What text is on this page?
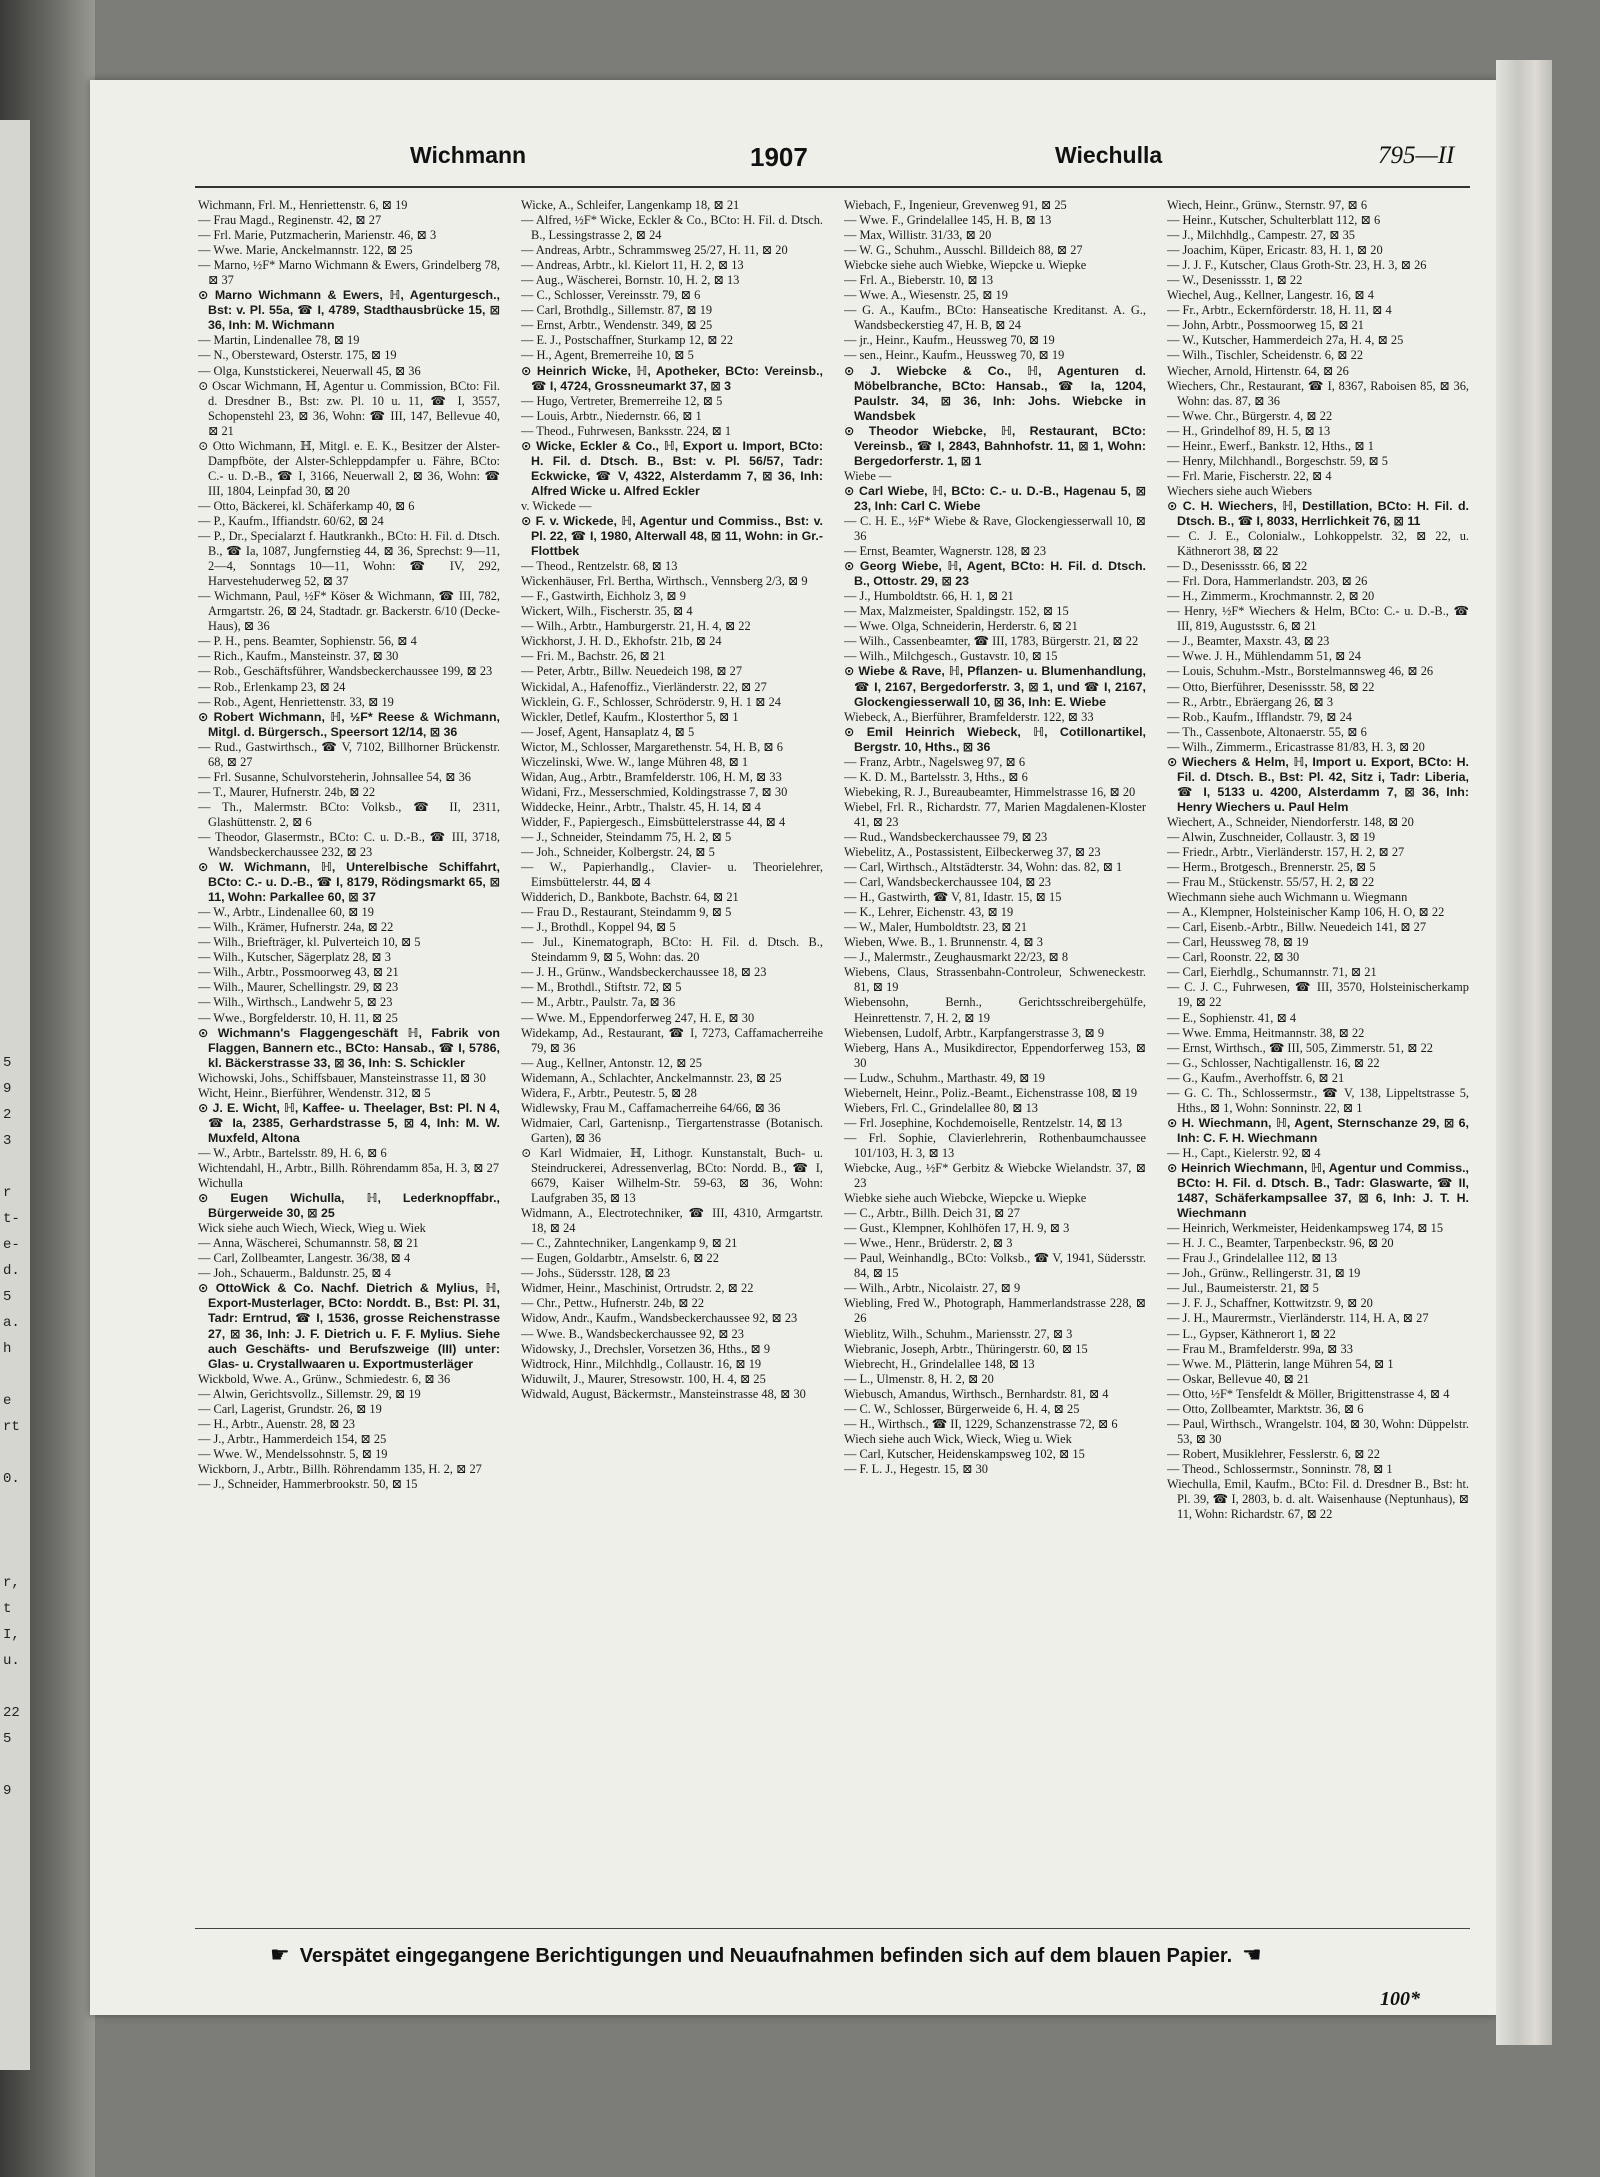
5
9
2
3
r
t-
e-
d.
5
a.
h
e
rt
0.
r,
t
I,
u.
22
5
9
Wichmann	1907	Wiechulla	795—II

Wichmann, Frl. M., Henriettenstr. 6, ⊠ 19

— Frau Magd., Reginenstr. 42, ⊠ 27

— Frl. Marie, Putzmacherin, Marienstr. 46, ⊠ 3

— Wwe. Marie, Anckelmannstr. 122, ⊠ 25

— Marno, ½F* Marno Wichmann & Ewers, Grindelberg 78, ⊠ 37

⊙ Marno Wichmann & Ewers, ℍ, Agenturgesch., Bst: v. Pl. 55a, ☎ I, 4789, Stadthausbrücke 15, ⊠ 36, Inh: M. Wichmann

— Martin, Lindenallee 78, ⊠ 19

— N., Obersteward, Osterstr. 175, ⊠ 19

— Olga, Kunststickerei, Neuerwall 45, ⊠ 36

⊙ Oscar Wichmann, ℍ, Agentur u. Commission, BCto: Fil. d. Dresdner B., Bst: zw. Pl. 10 u. 11, ☎ I, 3557, Schopenstehl 23, ⊠ 36, Wohn: ☎ III, 147, Bellevue 40, ⊠ 21

⊙ Otto Wichmann, ℍ, Mitgl. e. E. K., Besitzer der Alster-Dampfböte, der Alster-Schleppdampfer u. Fähre, BCto: C.- u. D.-B., ☎ I, 3166, Neuerwall 2, ⊠ 36, Wohn: ☎ III, 1804, Leinpfad 30, ⊠ 20

— Otto, Bäckerei, kl. Schäferkamp 40, ⊠ 6

— P., Kaufm., Iffiandstr. 60/62, ⊠ 24

— P., Dr., Specialarzt f. Hautkrankh., BCto: H. Fil. d. Dtsch. B., ☎ Ia, 1087, Jungfernstieg 44, ⊠ 36, Sprechst: 9—11, 2—4, Sonntags 10—11, Wohn: ☎ IV, 292, Harvestehuderweg 52, ⊠ 37

— Wichmann, Paul, ½F* Köser & Wichmann, ☎ III, 782, Armgartstr. 26, ⊠ 24, Stadtadr. gr. Backerstr. 6/10 (Decke-Haus), ⊠ 36

— P. H., pens. Beamter, Sophienstr. 56, ⊠ 4

— Rich., Kaufm., Mansteinstr. 37, ⊠ 30

— Rob., Geschäftsführer, Wandsbeckerchaussee 199, ⊠ 23

— Rob., Erlenkamp 23, ⊠ 24

— Rob., Agent, Henriettenstr. 33, ⊠ 19

⊙ Robert Wichmann, ℍ, ½F* Reese & Wichmann, Mitgl. d. Bürgersch., Speersort 12/14, ⊠ 36

— Rud., Gastwirthsch., ☎ V, 7102, Billhorner Brückenstr. 68, ⊠ 27

— Frl. Susanne, Schulvorsteherin, Johnsallee 54, ⊠ 36

— T., Maurer, Hufnerstr. 24b, ⊠ 22

— Th., Malermstr. BCto: Volksb., ☎ II, 2311, Glashüttenstr. 2, ⊠ 6

— Theodor, Glasermstr., BCto: C. u. D.-B., ☎ III, 3718, Wandsbeckerchaussee 232, ⊠ 23

⊙ W. Wichmann, ℍ, Unterelbische Schiffahrt, BCto: C.- u. D.-B., ☎ I, 8179, Rödingsmarkt 65, ⊠ 11, Wohn: Parkallee 60, ⊠ 37

— W., Arbtr., Lindenallee 60, ⊠ 19

— Wilh., Krämer, Hufnerstr. 24a, ⊠ 22

— Wilh., Briefträger, kl. Pulverteich 10, ⊠ 5

— Wilh., Kutscher, Sägerplatz 28, ⊠ 3

— Wilh., Arbtr., Possmoorweg 43, ⊠ 21

— Wilh., Maurer, Schellingstr. 29, ⊠ 23

— Wilh., Wirthsch., Landwehr 5, ⊠ 23

— Wwe., Borgfelderstr. 10, H. 11, ⊠ 25

⊙ Wichmann's Flaggengeschäft ℍ, Fabrik von Flaggen, Bannern etc., BCto: Hansab., ☎ I, 5786, kl. Bäckerstrasse 33, ⊠ 36, Inh: S. Schickler

Wichowski, Johs., Schiffsbauer, Mansteinstrasse 11, ⊠ 30

Wicht, Heinr., Bierführer, Wendenstr. 312, ⊠ 5

⊙ J. E. Wicht, ℍ, Kaffee- u. Theelager, Bst: Pl. N 4, ☎ Ia, 2385, Gerhardstrasse 5, ⊠ 4, Inh: M. W. Muxfeld, Altona

— W., Arbtr., Bartelsstr. 89, H. 6, ⊠ 6

Wichtendahl, H., Arbtr., Billh. Röhrendamm 85a, H. 3, ⊠ 27

Wichulla

⊙ Eugen Wichulla, ℍ, Lederknopffabr., Bürgerweide 30, ⊠ 25

Wick siehe auch Wiech, Wieck, Wieg u. Wiek

— Anna, Wäscherei, Schumannstr. 58, ⊠ 21

— Carl, Zollbeamter, Langestr. 36/38, ⊠ 4

— Joh., Schauerm., Baldunstr. 25, ⊠ 4

⊙ OttoWick & Co. Nachf. Dietrich & Mylius, ℍ, Export-Musterlager, BCto: Norddt. B., Bst: Pl. 31, Tadr: Erntrud, ☎ I, 1536, grosse Reichenstrasse 27, ⊠ 36, Inh: J. F. Dietrich u. F. F. Mylius. Siehe auch Geschäfts- und Berufszweige (III) unter: Glas- u. Crystallwaaren u. Exportmusterläger

Wickbold, Wwe. A., Grünw., Schmiedestr. 6, ⊠ 36

— Alwin, Gerichtsvollz., Sillemstr. 29, ⊠ 19

— Carl, Lagerist, Grundstr. 26, ⊠ 19

— H., Arbtr., Auenstr. 28, ⊠ 23

— J., Arbtr., Hammerdeich 154, ⊠ 25

— Wwe. W., Mendelssohnstr. 5, ⊠ 19

Wickborn, J., Arbtr., Billh. Röhrendamm 135, H. 2, ⊠ 27

— J., Schneider, Hammerbrookstr. 50, ⊠ 15

Wicke, A., Schleifer, Langenkamp 18, ⊠ 21

— Alfred, ½F* Wicke, Eckler & Co., BCto: H. Fil. d. Dtsch. B., Lessingstrasse 2, ⊠ 24

— Andreas, Arbtr., Schrammsweg 25/27, H. 11, ⊠ 20

— Andreas, Arbtr., kl. Kielort 11, H. 2, ⊠ 13

— Aug., Wäscherei, Bornstr. 10, H. 2, ⊠ 13

— C., Schlosser, Vereinsstr. 79, ⊠ 6

— Carl, Brothdlg., Sillemstr. 87, ⊠ 19

— Ernst, Arbtr., Wendenstr. 349, ⊠ 25

— E. J., Postschaffner, Sturkamp 12, ⊠ 22

— H., Agent, Bremerreihe 10, ⊠ 5

⊙ Heinrich Wicke, ℍ, Apotheker, BCto: Vereinsb., ☎ I, 4724, Grossneumarkt 37, ⊠ 3

— Hugo, Vertreter, Bremerreihe 12, ⊠ 5

— Louis, Arbtr., Niedernstr. 66, ⊠ 1

— Theod., Fuhrwesen, Banksstr. 224, ⊠ 1

⊙ Wicke, Eckler & Co., ℍ, Export u. Import, BCto: H. Fil. d. Dtsch. B., Bst: v. Pl. 56/57, Tadr: Eckwicke, ☎ V, 4322, Alsterdamm 7, ⊠ 36, Inh: Alfred Wicke u. Alfred Eckler

v. Wickede —

⊙ F. v. Wickede, ℍ, Agentur und Commiss., Bst: v. Pl. 22, ☎ I, 1980, Alterwall 48, ⊠ 11, Wohn: in Gr.-Flottbek

— Theod., Rentzelstr. 68, ⊠ 13

Wickenhäuser, Frl. Bertha, Wirthsch., Vennsberg 2/3, ⊠ 9

— F., Gastwirth, Eichholz 3, ⊠ 9

Wickert, Wilh., Fischerstr. 35, ⊠ 4

— Wilh., Arbtr., Hamburgerstr. 21, H. 4, ⊠ 22

Wickhorst, J. H. D., Ekhofstr. 21b, ⊠ 24

— Fri. M., Bachstr. 26, ⊠ 21

— Peter, Arbtr., Billw. Neuedeich 198, ⊠ 27

Wickidal, A., Hafenoffiz., Vierländerstr. 22, ⊠ 27

Wicklein, G. F., Schlosser, Schröderstr. 9, H. 1 ⊠ 24

Wickler, Detlef, Kaufm., Klosterthor 5, ⊠ 1

— Josef, Agent, Hansaplatz 4, ⊠ 5

Wictor, M., Schlosser, Margarethenstr. 54, H. B, ⊠ 6

Wiczelinski, Wwe. W., lange Mühren 48, ⊠ 1

Widan, Aug., Arbtr., Bramfelderstr. 106, H. M, ⊠ 33

Widani, Frz., Messerschmied, Koldingstrasse 7, ⊠ 30

Widdecke, Heinr., Arbtr., Thalstr. 45, H. 14, ⊠ 4

Widder, F., Papiergesch., Eimsbüttelerstrasse 44, ⊠ 4

— J., Schneider, Steindamm 75, H. 2, ⊠ 5

— Joh., Schneider, Kolbergstr. 24, ⊠ 5

— W., Papierhandlg., Clavier- u. Theorielehrer, Eimsbüttelerstr. 44, ⊠ 4

Widderich, D., Bankbote, Bachstr. 64, ⊠ 21

— Frau D., Restaurant, Steindamm 9, ⊠ 5

— J., Brothdl., Koppel 94, ⊠ 5

— Jul., Kinematograph, BCto: H. Fil. d. Dtsch. B., Steindamm 9, ⊠ 5, Wohn: das. 20

— J. H., Grünw., Wandsbeckerchaussee 18, ⊠ 23

— M., Brothdl., Stiftstr. 72, ⊠ 5

— M., Arbtr., Paulstr. 7a, ⊠ 36

— Wwe. M., Eppendorferweg 247, H. E, ⊠ 30

Widekamp, Ad., Restaurant, ☎ I, 7273, Caffamacherreihe 79, ⊠ 36

— Aug., Kellner, Antonstr. 12, ⊠ 25

Widemann, A., Schlachter, Anckelmannstr. 23, ⊠ 25

Widera, F., Arbtr., Peutestr. 5, ⊠ 28

Widlewsky, Frau M., Caffamacherreihe 64/66, ⊠ 36

Widmaier, Carl, Gartenisnp., Tiergartenstrasse (Botanisch. Garten), ⊠ 36

⊙ Karl Widmaier, ℍ, Lithogr. Kunstanstalt, Buch- u. Steindruckerei, Adressenverlag, BCto: Nordd. B., ☎ I, 6679, Kaiser Wilhelm-Str. 59-63, ⊠ 36, Wohn: Laufgraben 35, ⊠ 13

Widmann, A., Electrotechniker, ☎ III, 4310, Armgartstr. 18, ⊠ 24

— C., Zahntechniker, Langenkamp 9, ⊠ 21

— Eugen, Goldarbtr., Amselstr. 6, ⊠ 22

— Johs., Südersstr. 128, ⊠ 23

Widmer, Heinr., Maschinist, Ortrudstr. 2, ⊠ 22

— Chr., Pettw., Hufnerstr. 24b, ⊠ 22

Widow, Andr., Kaufm., Wandsbeckerchaussee 92, ⊠ 23

— Wwe. B., Wandsbeckerchaussee 92, ⊠ 23

Widowsky, J., Drechsler, Vorsetzen 36, Hths., ⊠ 9

Widtrock, Hinr., Milchhdlg., Collaustr. 16, ⊠ 19

Widuwilt, J., Maurer, Stresowstr. 100, H. 4, ⊠ 25

Widwald, August, Bäckermstr., Mansteinstrasse 48, ⊠ 30

Wiebach, F., Ingenieur, Grevenweg 91, ⊠ 25

— Wwe. F., Grindelallee 145, H. B, ⊠ 13

— Max, Willistr. 31/33, ⊠ 20

— W. G., Schuhm., Ausschl. Billdeich 88, ⊠ 27

Wiebcke siehe auch Wiebke, Wiepcke u. Wiepke

— Frl. A., Bieberstr. 10, ⊠ 13

— Wwe. A., Wiesenstr. 25, ⊠ 19

— G. A., Kaufm., BCto: Hanseatische Kreditanst. A. G., Wandsbeckerstieg 47, H. B, ⊠ 24

— jr., Heinr., Kaufm., Heussweg 70, ⊠ 19

— sen., Heinr., Kaufm., Heussweg 70, ⊠ 19

⊙ J. Wiebcke & Co., ℍ, Agenturen d. Möbelbranche, BCto: Hansab., ☎ Ia, 1204, Paulstr. 34, ⊠ 36, Inh: Johs. Wiebcke in Wandsbek

⊙ Theodor Wiebcke, ℍ, Restaurant, BCto: Vereinsb., ☎ I, 2843, Bahnhofstr. 11, ⊠ 1, Wohn: Bergedorferstr. 1, ⊠ 1

Wiebe —

⊙ Carl Wiebe, ℍ, BCto: C.- u. D.-B., Hagenau 5, ⊠ 23, Inh: Carl C. Wiebe

— C. H. E., ½F* Wiebe & Rave, Glockengiesserwall 10, ⊠ 36

— Ernst, Beamter, Wagnerstr. 128, ⊠ 23

⊙ Georg Wiebe, ℍ, Agent, BCto: H. Fil. d. Dtsch. B., Ottostr. 29, ⊠ 23

— J., Humboldtstr. 66, H. 1, ⊠ 21

— Max, Malzmeister, Spaldingstr. 152, ⊠ 15

— Wwe. Olga, Schneiderin, Herderstr. 6, ⊠ 21

— Wilh., Cassenbeamter, ☎ III, 1783, Bürgerstr. 21, ⊠ 22

— Wilh., Milchgesch., Gustavstr. 10, ⊠ 15

⊙ Wiebe & Rave, ℍ, Pflanzen- u. Blumenhandlung, ☎ I, 2167, Bergedorferstr. 3, ⊠ 1, und ☎ I, 2167, Glockengiesserwall 10, ⊠ 36, Inh: E. Wiebe

Wiebeck, A., Bierführer, Bramfelderstr. 122, ⊠ 33

⊙ Emil Heinrich Wiebeck, ℍ, Cotillonartikel, Bergstr. 10, Hths., ⊠ 36

— Franz, Arbtr., Nagelsweg 97, ⊠ 6

— K. D. M., Bartelsstr. 3, Hths., ⊠ 6

Wiebeking, R. J., Bureaubeamter, Himmelstrasse 16, ⊠ 20

Wiebel, Frl. R., Richardstr. 77, Marien Magdalenen-Kloster 41, ⊠ 23

— Rud., Wandsbeckerchaussee 79, ⊠ 23

Wiebelitz, A., Postassistent, Eilbeckerweg 37, ⊠ 23

— Carl, Wirthsch., Altstädterstr. 34, Wohn: das. 82, ⊠ 1

— Carl, Wandsbeckerchaussee 104, ⊠ 23

— H., Gastwirth, ☎ V, 81, Idastr. 15, ⊠ 15

— K., Lehrer, Eichenstr. 43, ⊠ 19

— W., Maler, Humboldtstr. 23, ⊠ 21

Wieben, Wwe. B., 1. Brunnenstr. 4, ⊠ 3

— J., Malermstr., Zeughausmarkt 22/23, ⊠ 8

Wiebens, Claus, Strassenbahn-Controleur, Schweneckestr. 81, ⊠ 19

Wiebensohn, Bernh., Gerichtsschreibergehülfe, Heinrettenstr. 7, H. 2, ⊠ 19

Wiebensen, Ludolf, Arbtr., Karpfangerstrasse 3, ⊠ 9

Wieberg, Hans A., Musikdirector, Eppendorferweg 153, ⊠ 30

— Ludw., Schuhm., Marthastr. 49, ⊠ 19

Wiebernelt, Heinr., Poliz.-Beamt., Eichenstrasse 108, ⊠ 19

Wiebers, Frl. C., Grindelallee 80, ⊠ 13

— Frl. Josephine, Kochdemoiselle, Rentzelstr. 14, ⊠ 13

— Frl. Sophie, Clavierlehrerin, Rothenbaumchaussee 101/103, H. 3, ⊠ 13

Wiebcke, Aug., ½F* Gerbitz & Wiebcke Wielandstr. 37, ⊠ 23

Wiebke siehe auch Wiebcke, Wiepcke u. Wiepke

— C., Arbtr., Billh. Deich 31, ⊠ 27

— Gust., Klempner, Kohlhöfen 17, H. 9, ⊠ 3

— Wwe., Henr., Brüderstr. 2, ⊠ 3

— Paul, Weinhandlg., BCto: Volksb., ☎ V, 1941, Südersstr. 84, ⊠ 15

— Wilh., Arbtr., Nicolaistr. 27, ⊠ 9

Wiebling, Fred W., Photograph, Hammerlandstrasse 228, ⊠ 26

Wieblitz, Wilh., Schuhm., Mariensstr. 27, ⊠ 3

Wiebranic, Joseph, Arbtr., Thüringerstr. 60, ⊠ 15

Wiebrecht, H., Grindelallee 148, ⊠ 13

— L., Ulmenstr. 8, H. 2, ⊠ 20

Wiebusch, Amandus, Wirthsch., Bernhardstr. 81, ⊠ 4

— C. W., Schlosser, Bürgerweide 6, H. 4, ⊠ 25

— H., Wirthsch., ☎ II, 1229, Schanzenstrasse 72, ⊠ 6

Wiech siehe auch Wick, Wieck, Wieg u. Wiek

— Carl, Kutscher, Heidenskampsweg 102, ⊠ 15

— F. L. J., Hegestr. 15, ⊠ 30

Wiech, Heinr., Grünw., Sternstr. 97, ⊠ 6

— Heinr., Kutscher, Schulterblatt 112, ⊠ 6

— J., Milchhdlg., Campestr. 27, ⊠ 35

— Joachim, Küper, Ericastr. 83, H. 1, ⊠ 20

— J. J. F., Kutscher, Claus Groth-Str. 23, H. 3, ⊠ 26

— W., Desenissstr. 1, ⊠ 22

Wiechel, Aug., Kellner, Langestr. 16, ⊠ 4

— Fr., Arbtr., Eckernförderstr. 18, H. 11, ⊠ 4

— John, Arbtr., Possmoorweg 15, ⊠ 21

— W., Kutscher, Hammerdeich 27a, H. 4, ⊠ 25

— Wilh., Tischler, Scheidenstr. 6, ⊠ 22

Wiecher, Arnold, Hirtenstr. 64, ⊠ 26

Wiechers, Chr., Restaurant, ☎ I, 8367, Raboisen 85, ⊠ 36, Wohn: das. 87, ⊠ 36

— Wwe. Chr., Bürgerstr. 4, ⊠ 22

— H., Grindelhof 89, H. 5, ⊠ 13

— Heinr., Ewerf., Bankstr. 12, Hths., ⊠ 1

— Henry, Milchhandl., Borgeschstr. 59, ⊠ 5

— Frl. Marie, Fischerstr. 22, ⊠ 4

Wiechers siehe auch Wiebers

⊙ C. H. Wiechers, ℍ, Destillation, BCto: H. Fil. d. Dtsch. B., ☎ I, 8033, Herrlichkeit 76, ⊠ 11

— C. J. E., Colonialw., Lohkoppelstr. 32, ⊠ 22, u. Käthnerort 38, ⊠ 22

— D., Desenissstr. 66, ⊠ 22

— Frl. Dora, Hammerlandstr. 203, ⊠ 26

— H., Zimmerm., Krochmannstr. 2, ⊠ 20

— Henry, ½F* Wiechers & Helm, BCto: C.- u. D.-B., ☎ III, 819, Augustsstr. 6, ⊠ 21

— J., Beamter, Maxstr. 43, ⊠ 23

— Wwe. J. H., Mühlendamm 51, ⊠ 24

— Louis, Schuhm.-Mstr., Borstelmannsweg 46, ⊠ 26

— Otto, Bierführer, Desenissstr. 58, ⊠ 22

— R., Arbtr., Ebräergang 26, ⊠ 3

— Rob., Kaufm., Ifflandstr. 79, ⊠ 24

— Th., Cassenbote, Altonaerstr. 55, ⊠ 6

— Wilh., Zimmerm., Ericastrasse 81/83, H. 3, ⊠ 20

⊙ Wiechers & Helm, ℍ, Import u. Export, BCto: H. Fil. d. Dtsch. B., Bst: Pl. 42, Sitz i, Tadr: Liberia, ☎ I, 5133 u. 4200, Alsterdamm 7, ⊠ 36, Inh: Henry Wiechers u. Paul Helm

Wiechert, A., Schneider, Niendorferstr. 148, ⊠ 20

— Alwin, Zuschneider, Collaustr. 3, ⊠ 19

— Friedr., Arbtr., Vierländerstr. 157, H. 2, ⊠ 27

— Herm., Brotgesch., Brennerstr. 25, ⊠ 5

— Frau M., Stückenstr. 55/57, H. 2, ⊠ 22

Wiechmann siehe auch Wichmann u. Wiegmann

— A., Klempner, Holsteinischer Kamp 106, H. O, ⊠ 22

— Carl, Eisenb.-Arbtr., Billw. Neuedeich 141, ⊠ 27

— Carl, Heussweg 78, ⊠ 19

— Carl, Roonstr. 22, ⊠ 30

— Carl, Eierhdlg., Schumannstr. 71, ⊠ 21

— C. J. C., Fuhrwesen, ☎ III, 3570, Holsteinischerkamp 19, ⊠ 22

— E., Sophienstr. 41, ⊠ 4

— Wwe. Emma, Heitmannstr. 38, ⊠ 22

— Ernst, Wirthsch., ☎ III, 505, Zimmerstr. 51, ⊠ 22

— G., Schlosser, Nachtigallenstr. 16, ⊠ 22

— G., Kaufm., Averhoffstr. 6, ⊠ 21

— G. C. Th., Schlossermstr., ☎ V, 138, Lippeltstrasse 5, Hths., ⊠ 1, Wohn: Sonninstr. 22, ⊠ 1

⊙ H. Wiechmann, ℍ, Agent, Sternschanze 29, ⊠ 6, Inh: C. F. H. Wiechmann

— H., Capt., Kielerstr. 92, ⊠ 4

⊙ Heinrich Wiechmann, ℍ, Agentur und Commiss., BCto: H. Fil. d. Dtsch. B., Tadr: Glaswarte, ☎ II, 1487, Schäferkampsallee 37, ⊠ 6, Inh: J. T. H. Wiechmann

— Heinrich, Werkmeister, Heidenkampsweg 174, ⊠ 15

— H. J. C., Beamter, Tarpenbeckstr. 96, ⊠ 20

— Frau J., Grindelallee 112, ⊠ 13

— Joh., Grünw., Rellingerstr. 31, ⊠ 19

— Jul., Baumeisterstr. 21, ⊠ 5

— J. F. J., Schaffner, Kottwitzstr. 9, ⊠ 20

— J. H., Maurermstr., Vierländerstr. 114, H. A, ⊠ 27

— L., Gypser, Käthnerort 1, ⊠ 22

— Frau M., Bramfelderstr. 99a, ⊠ 33

— Wwe. M., Plätterin, lange Mühren 54, ⊠ 1

— Oskar, Bellevue 40, ⊠ 21

— Otto, ½F* Tensfeldt & Möller, Brigittenstrasse 4, ⊠ 4

— Otto, Zollbeamter, Marktstr. 36, ⊠ 6

— Paul, Wirthsch., Wrangelstr. 104, ⊠ 30, Wohn: Düppelstr. 53, ⊠ 30

— Robert, Musiklehrer, Fesslerstr. 6, ⊠ 22

— Theod., Schlossermstr., Sonninstr. 78, ⊠ 1

Wiechulla, Emil, Kaufm., BCto: Fil. d. Dresdner B., Bst: ht. Pl. 39, ☎ I, 2803, b. d. alt. Waisenhause (Neptunhaus), ⊠ 11, Wohn: Richardstr. 67, ⊠ 22

☛ Verspätet eingegangene Berichtigungen und Neuaufnahmen befinden sich auf dem blauen Papier. ☛
100*
